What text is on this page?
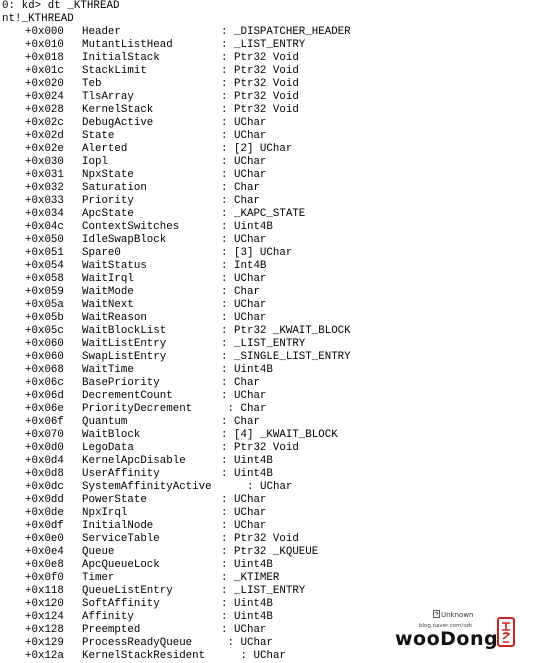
0: kd> dt _KTHREAD
nt!_KTHREAD
+0x000 Header	_DISPATCHER_HEADER
:
+0x010 MutantListHead	_LIST_ENTRY
:
+0x018 InitialStack	Ptr32 Void
:
+0x01c StackLimit	Ptr32 Void
:
+0x020 Teb	Ptr32 Void
:
+0x024 TlsArray	Ptr32 Void
:
+0x028 KernelStack	Ptr32 Void
:
+0x02c DebugActive	UChar
:
+0x02d State	UChar
:
+0x02e Alerted	[2] UChar
:
+0x030 Iopl	UChar
:
+0x031 NpxState	UChar
:
+0x032 Saturation	Char
:
+0x033 Priority	Char
:
+0x034 ApcState	_KAPC_STATE
:
+0x04c ContextSwitches	Uint4B
:
+0x050 IdleSwapBlock	UChar
:
+0x051 Spare0	[3] UChar
:
+0x054 WaitStatus	Int4B
:
+0x058 WaitIrql	UChar
:
+0x059 WaitMode	Char
:
+0x05a WaitNext	UChar
:
+0x05b WaitReason	UChar
:
+0x05c WaitBlockList	Ptr32 _KWAIT_BLOCK
:
+0x060 WaitListEntry	_LIST_ENTRY
:
+0x060 SwapListEntry	_SINGLE_LIST_ENTRY
:
+0x068 WaitTime	Uint4B
:
+0x06c BasePriority	Char
:
+0x06d DecrementCount	UChar
:
+0x06e PriorityDecrement	Char
:
+0x06f Quantum	Char
:
+0x070 WaitBlock	[4] _KWAIT_BLOCK
:
+0x0d0 LegoData	Ptr32 Void
:
+0x0d4 KernelApcDisable	Uint4B
:
+0x0d8 UserAffinity	Uint4B
:
+0x0dc SystemAffinityActive	UChar
:
+0x0dd PowerState	UChar
:
+0x0de NpxIrql	UChar
:
+0x0df InitialNode	UChar
:
+0x0e0 ServiceTable	Ptr32 Void
:
+0x0e4 Queue	Ptr32 _KQUEUE
:
+0x0e8 ApcQueueLock	Uint4B
:
+0x0f0 Timer	_KTIMER
:
+0x118 QueueListEntry	_LIST_ENTRY
:
+0x120 SoftAffinity	Uint4B
:
+0x124 Affinity	Uint4B
:
+0x128 Preempted	UChar
:
+0x129 ProcessReadyQueue	UChar
:
+0x12a KernelStackResident	UChar
:
Unknown
blog.naver.com/szk
wooDong
